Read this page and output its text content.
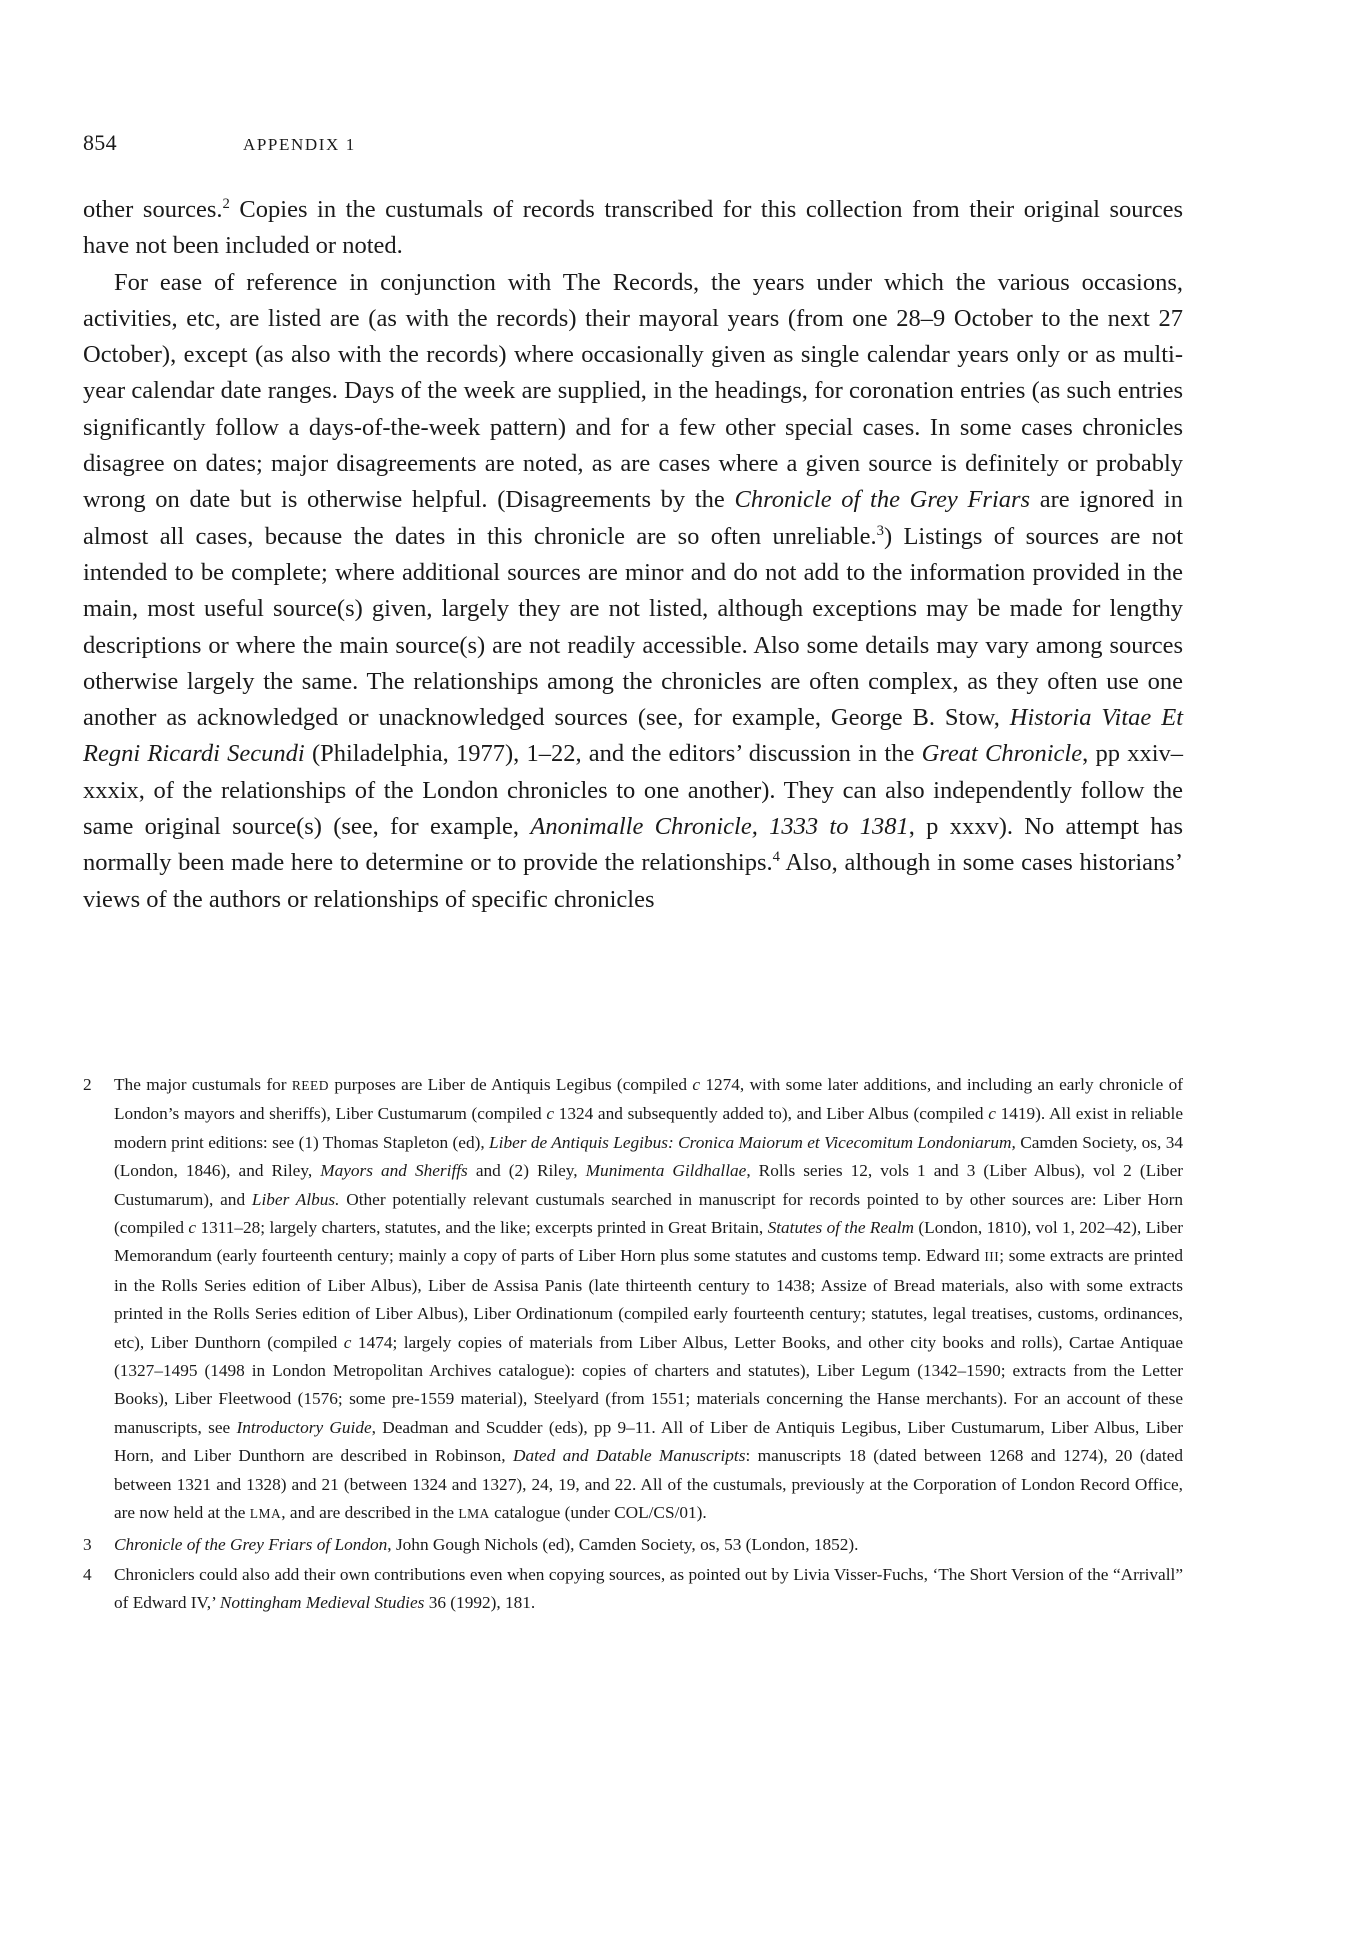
854	APPENDIX 1

other sources.$^2$ Copies in the custumals of records transcribed for this collection from their original sources have not been included or noted.

For ease of reference in conjunction with The Records, the years under which the various occasions, activities, etc, are listed are (as with the records) their mayoral years (from one 28–9 October to the next 27 October), except (as also with the records) where occasionally given as single calendar years only or as multi-year calendar date ranges. Days of the week are supplied, in the headings, for coronation entries (as such entries significantly follow a days-of-the-week pattern) and for a few other special cases. In some cases chronicles disagree on dates; major disagreements are noted, as are cases where a given source is definitely or probably wrong on date but is otherwise helpful. (Disagreements by the Chronicle of the Grey Friars are ignored in almost all cases, because the dates in this chronicle are so often unreliable.$^3$) Listings of sources are not intended to be complete; where additional sources are minor and do not add to the information provided in the main, most useful source(s) given, largely they are not listed, although exceptions may be made for lengthy descriptions or where the main source(s) are not readily accessible. Also some details may vary among sources otherwise largely the same. The relationships among the chronicles are often complex, as they often use one another as acknowledged or unacknowledged sources (see, for example, George B. Stow, Historia Vitae Et Regni Ricardi Secundi (Philadelphia, 1977), 1–22, and the editors’ discussion in the Great Chronicle, pp xxiv–xxxix, of the relationships of the London chronicles to one another). They can also independently follow the same original source(s) (see, for example, Anonimalle Chronicle, 1333 to 1381, p xxxv). No attempt has normally been made here to determine or to provide the relationships.$^4$ Also, although in some cases historians’ views of the authors or relationships of specific chronicles

2	The major custumals for REED purposes are Liber de Antiquis Legibus (compiled c 1274, with some later additions, and including an early chronicle of London’s mayors and sheriffs), Liber Custumarum (compiled c 1324 and subsequently added to), and Liber Albus (compiled c 1419). All exist in reliable modern print editions: see (1) Thomas Stapleton (ed), Liber de Antiquis Legibus: Cronica Maiorum et Vicecomitum Londoniarum, Camden Society, os, 34 (London, 1846), and Riley, Mayors and Sheriffs and (2) Riley, Munimenta Gildhallae, Rolls series 12, vols 1 and 3 (Liber Albus), vol 2 (Liber Custumarum), and Liber Albus. Other potentially relevant custumals searched in manuscript for records pointed to by other sources are: Liber Horn (compiled c 1311–28; largely charters, statutes, and the like; excerpts printed in Great Britain, Statutes of the Realm (London, 1810), vol 1, 202–42), Liber Memorandum (early fourteenth century; mainly a copy of parts of Liber Horn plus some statutes and customs temp. Edward III; some extracts are printed in the Rolls Series edition of Liber Albus), Liber de Assisa Panis (late thirteenth century to 1438; Assize of Bread materials, also with some extracts printed in the Rolls Series edition of Liber Albus), Liber Ordinationum (compiled early fourteenth century; statutes, legal treatises, customs, ordinances, etc), Liber Dunthorn (compiled c 1474; largely copies of materials from Liber Albus, Letter Books, and other city books and rolls), Cartae Antiquae (1327–1495 (1498 in London Metropolitan Archives catalogue): copies of charters and statutes), Liber Legum (1342–1590; extracts from the Letter Books), Liber Fleetwood (1576; some pre-1559 material), Steelyard (from 1551; materials concerning the Hanse merchants). For an account of these manuscripts, see Introductory Guide, Deadman and Scudder (eds), pp 9–11. All of Liber de Antiquis Legibus, Liber Custumarum, Liber Albus, Liber Horn, and Liber Dunthorn are described in Robinson, Dated and Datable Manuscripts: manuscripts 18 (dated between 1268 and 1274), 20 (dated between 1321 and 1328) and 21 (between 1324 and 1327), 24, 19, and 22. All of the custumals, previously at the Corporation of London Record Office, are now held at the LMA, and are described in the LMA catalogue (under COL/CS/01).
3	Chronicle of the Grey Friars of London, John Gough Nichols (ed), Camden Society, os, 53 (London, 1852).
4	Chroniclers could also add their own contributions even when copying sources, as pointed out by Livia Visser-Fuchs, ‘The Short Version of the “Arrivall” of Edward IV,’ Nottingham Medieval Studies 36 (1992), 181.
